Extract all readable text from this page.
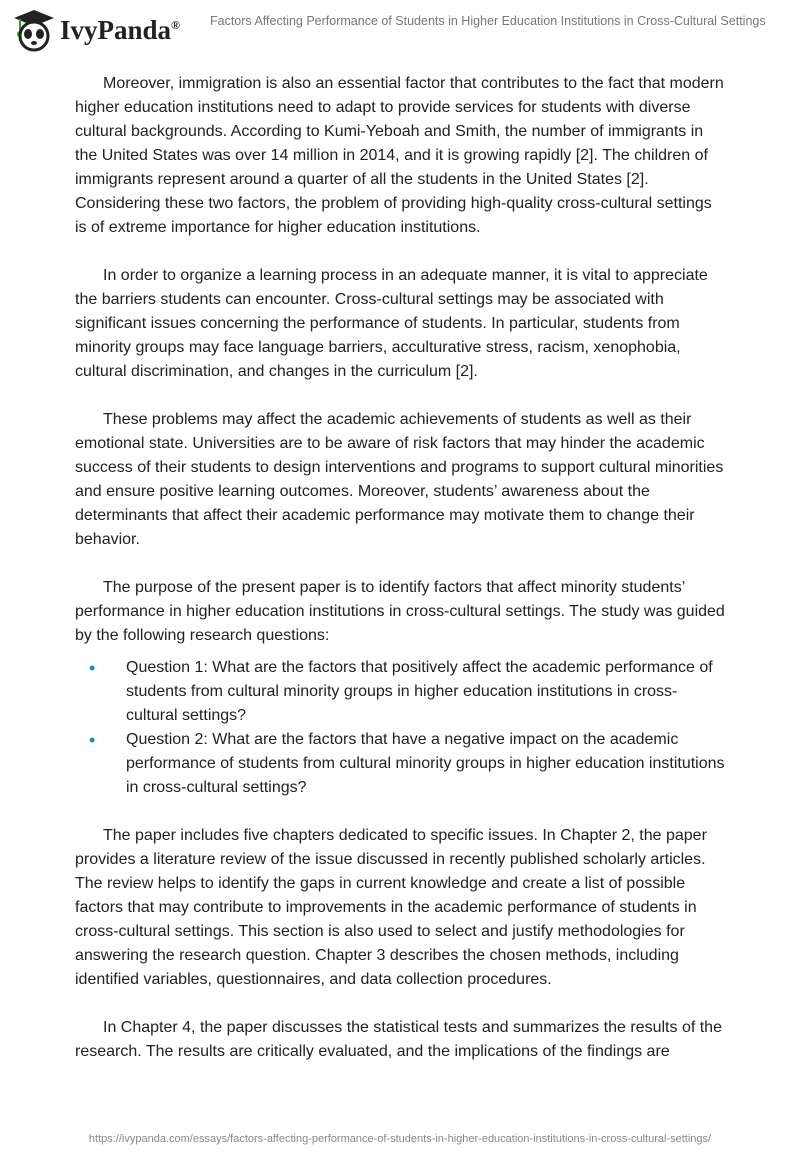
IvyPanda® Factors Affecting Performance of Students in Higher Education Institutions in Cross-Cultural Settings

Moreover, immigration is also an essential factor that contributes to the fact that modern higher education institutions need to adapt to provide services for students with diverse cultural backgrounds. According to Kumi-Yeboah and Smith, the number of immigrants in the United States was over 14 million in 2014, and it is growing rapidly [2]. The children of immigrants represent around a quarter of all the students in the United States [2]. Considering these two factors, the problem of providing high-quality cross-cultural settings is of extreme importance for higher education institutions.

In order to organize a learning process in an adequate manner, it is vital to appreciate the barriers students can encounter. Cross-cultural settings may be associated with significant issues concerning the performance of students. In particular, students from minority groups may face language barriers, acculturative stress, racism, xenophobia, cultural discrimination, and changes in the curriculum [2].

These problems may affect the academic achievements of students as well as their emotional state. Universities are to be aware of risk factors that may hinder the academic success of their students to design interventions and programs to support cultural minorities and ensure positive learning outcomes. Moreover, students’ awareness about the determinants that affect their academic performance may motivate them to change their behavior.

The purpose of the present paper is to identify factors that affect minority students’ performance in higher education institutions in cross-cultural settings. The study was guided by the following research questions:

• Question 1: What are the factors that positively affect the academic performance of students from cultural minority groups in higher education institutions in cross-cultural settings?
• Question 2: What are the factors that have a negative impact on the academic performance of students from cultural minority groups in higher education institutions in cross-cultural settings?

The paper includes five chapters dedicated to specific issues. In Chapter 2, the paper provides a literature review of the issue discussed in recently published scholarly articles. The review helps to identify the gaps in current knowledge and create a list of possible factors that may contribute to improvements in the academic performance of students in cross-cultural settings. This section is also used to select and justify methodologies for answering the research question. Chapter 3 describes the chosen methods, including identified variables, questionnaires, and data collection procedures.

In Chapter 4, the paper discusses the statistical tests and summarizes the results of the research. The results are critically evaluated, and the implications of the findings are

https://ivypanda.com/essays/factors-affecting-performance-of-students-in-higher-education-institutions-in-cross-cultural-settings/
